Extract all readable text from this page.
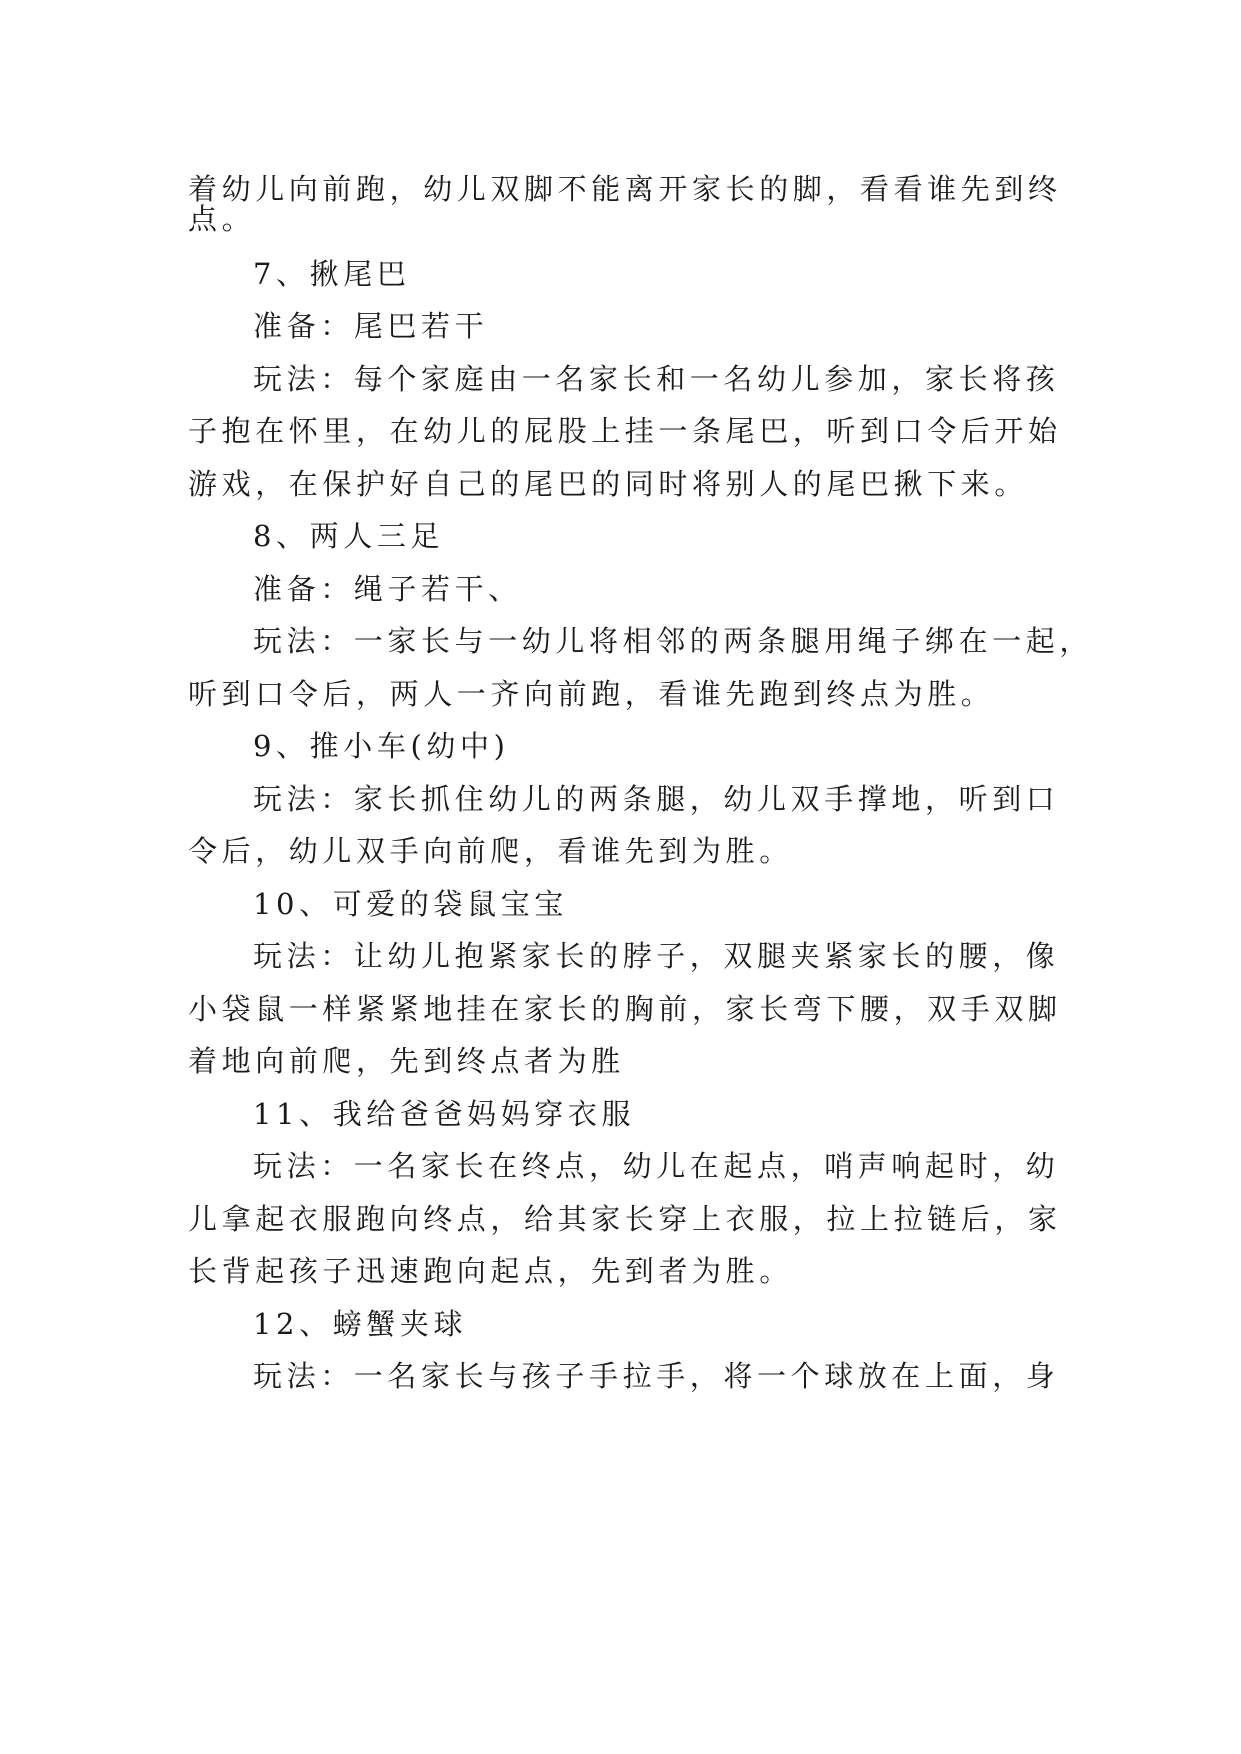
着幼儿向前跑，幼儿双脚不能离开家长的脚，看看谁先到终
点。
7、揪尾巴
准备：尾巴若干
玩法：每个家庭由一名家长和一名幼儿参加，家长将孩
子抱在怀里，在幼儿的屁股上挂一条尾巴，听到口令后开始
游戏，在保护好自己的尾巴的同时将别人的尾巴揪下来。
8、两人三足
准备：绳子若干、
玩法：一家长与一幼儿将相邻的两条腿用绳子绑在一起，
听到口令后，两人一齐向前跑，看谁先跑到终点为胜。
9、推小车(幼中)
玩法：家长抓住幼儿的两条腿，幼儿双手撑地，听到口
令后，幼儿双手向前爬，看谁先到为胜。
10、可爱的袋鼠宝宝
玩法：让幼儿抱紧家长的脖子，双腿夹紧家长的腰，像
小袋鼠一样紧紧地挂在家长的胸前，家长弯下腰，双手双脚
着地向前爬，先到终点者为胜
11、我给爸爸妈妈穿衣服
玩法：一名家长在终点，幼儿在起点，哨声响起时，幼
儿拿起衣服跑向终点，给其家长穿上衣服，拉上拉链后，家
长背起孩子迅速跑向起点，先到者为胜。
12、螃蟹夹球
玩法：一名家长与孩子手拉手，将一个球放在上面，身
